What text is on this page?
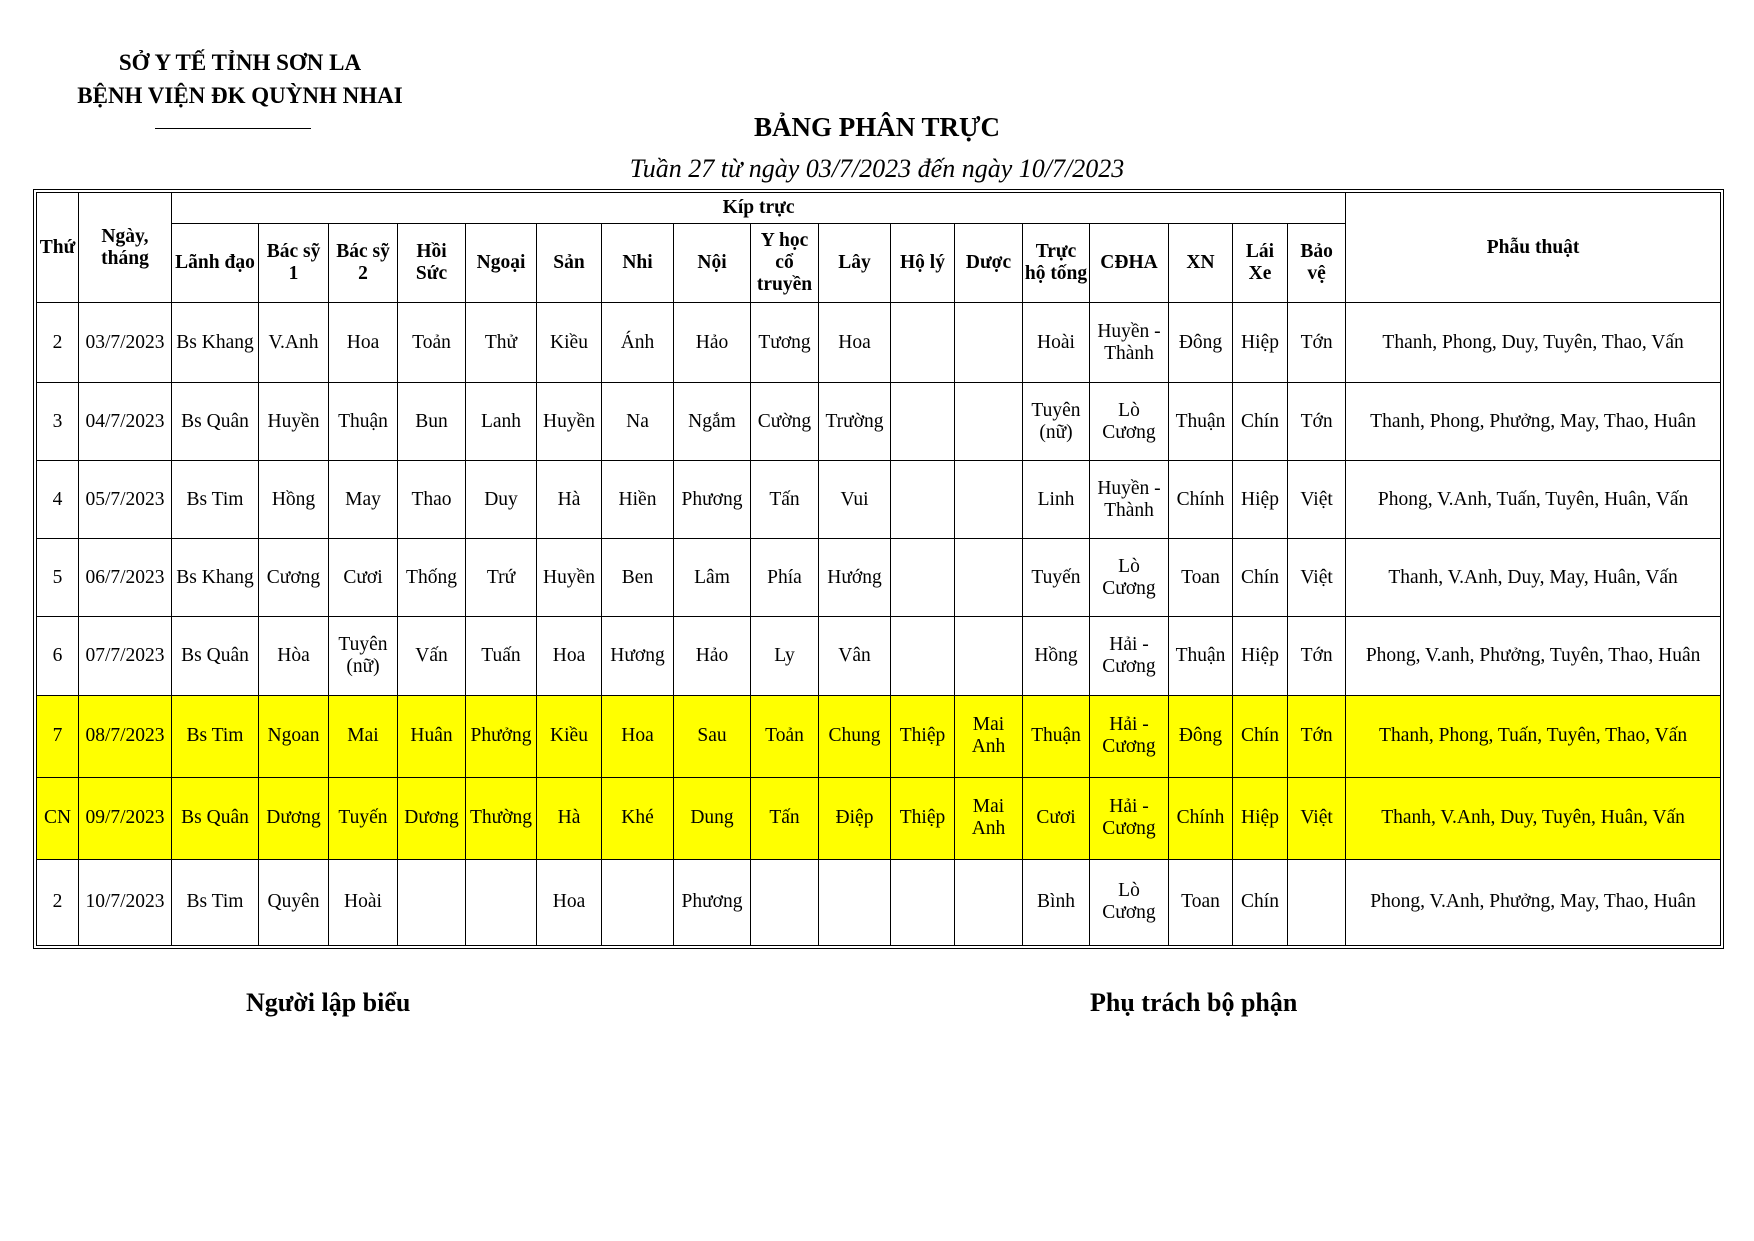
SỞ Y TẾ TỈNH SƠN LA
BỆNH VIỆN ĐK QUỲNH NHAI
BẢNG PHÂN TRỰC
Tuần 27 từ ngày 03/7/2023 đến ngày 10/7/2023
Thứ	Ngày, tháng	Kíp trực																	Phẫu thuật
		Lãnh đạo	Bác sỹ 1	Bác sỹ 2	Hồi Sức	Ngoại	Sản	Nhi	Nội	Y học cổ truyền	Lây	Hộ lý	Dược	Trực hộ tống	CĐHA	XN	Lái Xe	Bảo vệ	
2	03/7/2023	Bs Khang	V.Anh	Hoa	Toản	Thử	Kiều	Ánh	Hảo	Tương	Hoa			Hoài	Huyền - Thành	Đông	Hiệp	Tớn	Thanh, Phong, Duy, Tuyên, Thao, Vấn
3	04/7/2023	Bs Quân	Huyền	Thuận	Bun	Lanh	Huyền	Na	Ngắm	Cường	Trường			Tuyên (nữ)	Lò Cương	Thuận	Chín	Tớn	Thanh, Phong, Phưởng, May, Thao, Huân
4	05/7/2023	Bs Tim	Hồng	May	Thao	Duy	Hà	Hiền	Phương	Tấn	Vui			Linh	Huyền - Thành	Chính	Hiệp	Việt	Phong, V.Anh, Tuấn, Tuyên, Huân, Vấn
5	06/7/2023	Bs Khang	Cương	Cươi	Thống	Trứ	Huyền	Ben	Lâm	Phía	Hướng			Tuyến	Lò Cương	Toan	Chín	Việt	Thanh, V.Anh, Duy, May, Huân, Vấn
6	07/7/2023	Bs Quân	Hòa	Tuyên (nữ)	Vấn	Tuấn	Hoa	Hương	Hảo	Ly	Vân			Hồng	Hải - Cương	Thuận	Hiệp	Tớn	Phong, V.anh, Phưởng, Tuyên, Thao, Huân
7	08/7/2023	Bs Tim	Ngoan	Mai	Huân	Phưởng	Kiều	Hoa	Sau	Toản	Chung	Thiệp	Mai Anh	Thuận	Hải - Cương	Đông	Chín	Tớn	Thanh, Phong, Tuấn, Tuyên, Thao, Vấn
CN	09/7/2023	Bs Quân	Dương	Tuyến	Dương	Thường	Hà	Khé	Dung	Tấn	Điệp	Thiệp	Mai Anh	Cươi	Hải - Cương	Chính	Hiệp	Việt	Thanh, V.Anh, Duy, Tuyên, Huân, Vấn
2	10/7/2023	Bs Tim	Quyên	Hoài			Hoa		Phương					Bình	Lò Cương	Toan	Chín		Phong, V.Anh, Phưởng, May, Thao, Huân
Người lập biểu	Phụ trách bộ phận
